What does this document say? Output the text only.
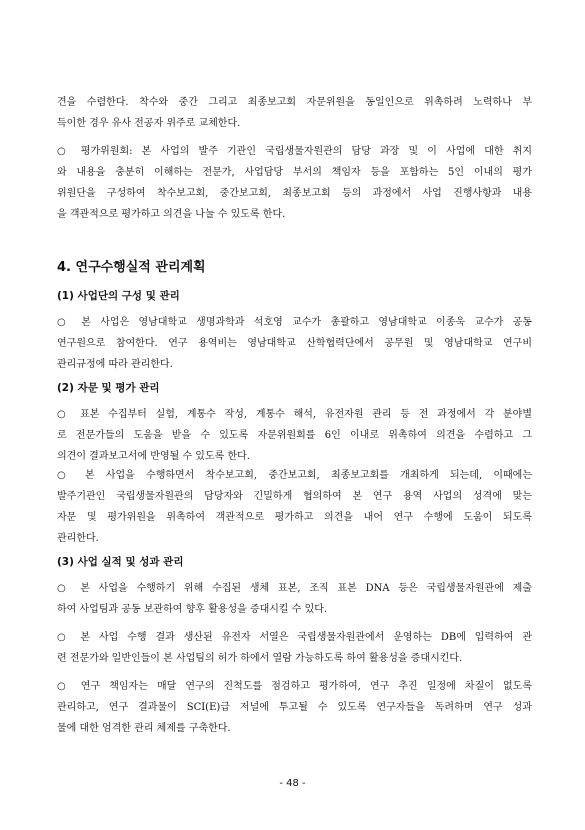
견을 수렴한다. 착수와 중간 그리고 최종보고회 자문위원을 동일인으로 위촉하려 노력하나 부
득이한 경우 유사 전공자 위주로 교체한다.
○ 평가위원회: 본 사업의 발주 기관인 국립생물자원관의 담당 과장 및 이 사업에 대한 취지
와 내용을 충분히 이해하는 전문가, 사업담당 부서의 책임자 등을 포함하는 5인 이내의 평가
위원단을 구성하여 착수보고회, 중간보고회, 최종보고회 등의 과정에서 사업 진행사항과 내용
을 객관적으로 평가하고 의견을 나눌 수 있도록 한다.
4. 연구수행실적 관리계획
(1) 사업단의 구성 및 관리
○ 본 사업은 영남대학교 생명과학과 석호영 교수가 총괄하고 영남대학교 이종욱 교수가 공동
연구원으로 참여한다. 연구 용역비는 영남대학교 산학협력단에서 공무원 및 영남대학교 연구비
관리규정에 따라 관리한다.
(2) 자문 및 평가 관리
○ 표본 수집부터 실험, 계통수 작성, 계통수 해석, 유전자원 관리 등 전 과정에서 각 분야별
로 전문가들의 도움을 받을 수 있도록 자문위원회를 6인 이내로 위촉하여 의견을 수렴하고 그
의견이 결과보고서에 반영될 수 있도록 한다.
○ 본 사업을 수행하면서 착수보고회, 중간보고회, 최종보고회를 개최하게 되는데, 이때에는
발주기관인 국립생물자원관의 담당자와 긴밀하게 협의하여 본 연구 용역 사업의 성격에 맞는
자문 및 평가위원을 위촉하여 객관적으로 평가하고 의견을 내어 연구 수행에 도움이 되도록
관리한다.
(3) 사업 실적 및 성과 관리
○ 본 사업을 수행하기 위해 수집된 생체 표본, 조직 표본 DNA 등은 국립생물자원관에 제출
하여 사업팀과 공동 보관하여 향후 활용성을 증대시킬 수 있다.
○ 본 사업 수행 결과 생산된 유전자 서열은 국립생물자원관에서 운영하는 DB에 입력하여 관
련 전문가와 일반인들이 본 사업팀의 허가 하에서 열람 가능하도록 하여 활용성을 증대시킨다.
○ 연구 책임자는 매달 연구의 진척도를 점검하고 평가하여, 연구 추진 일정에 차질이 없도록
관리하고, 연구 결과물이 SCI(E)급 저널에 투고될 수 있도록 연구자들을 독려하며 연구 성과
물에 대한 엄격한 관리 체제를 구축한다.
- 48 -
